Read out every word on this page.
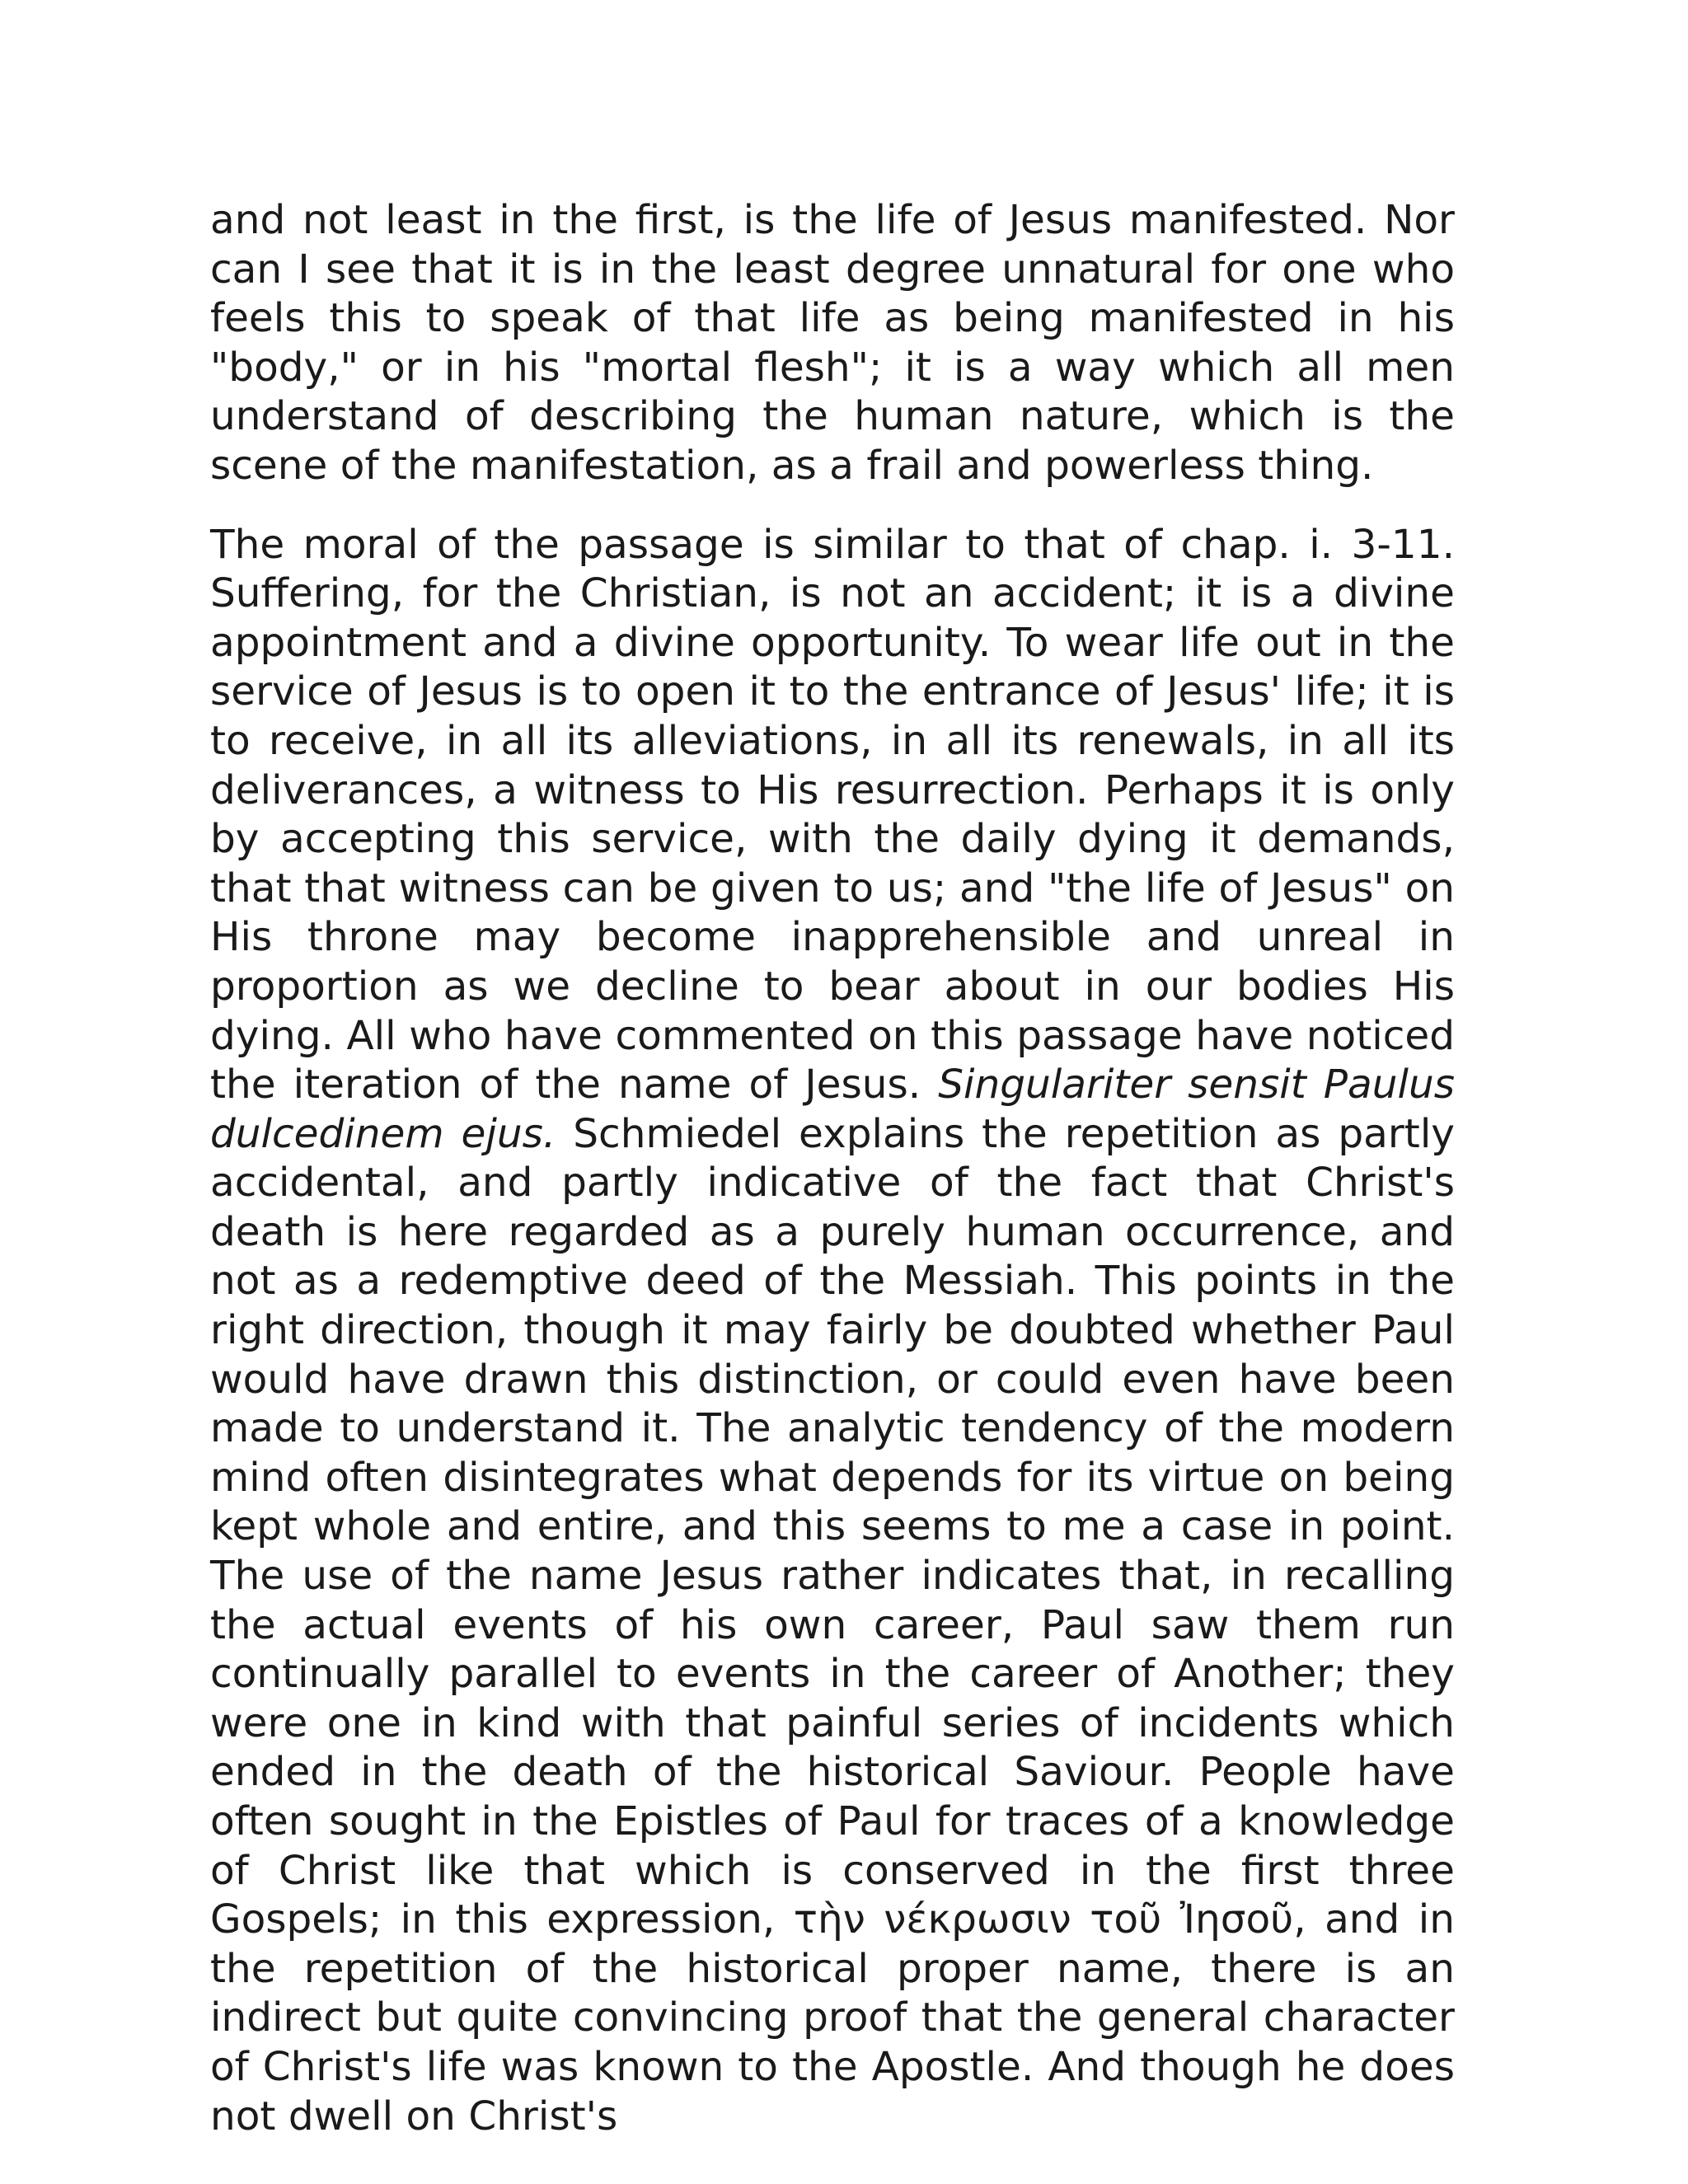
and not least in the first, is the life of Jesus manifested. Nor can I see that it is in the least degree unnatural for one who feels this to speak of that life as being manifested in his "body," or in his "mortal flesh"; it is a way which all men understand of describing the human nature, which is the scene of the manifestation, as a frail and powerless thing.

The moral of the passage is similar to that of chap. i. 3-11. Suffering, for the Christian, is not an accident; it is a divine appointment and a divine opportunity. To wear life out in the service of Jesus is to open it to the entrance of Jesus' life; it is to receive, in all its alleviations, in all its renewals, in all its deliverances, a witness to His resurrection. Perhaps it is only by accepting this service, with the daily dying it demands, that that witness can be given to us; and "the life of Jesus" on His throne may become inapprehensible and unreal in proportion as we decline to bear about in our bodies His dying. All who have commented on this passage have noticed the iteration of the name of Jesus. Singulariter sensit Paulus dulcedinem ejus. Schmiedel explains the repetition as partly accidental, and partly indicative of the fact that Christ's death is here regarded as a purely human occurrence, and not as a redemptive deed of the Messiah. This points in the right direction, though it may fairly be doubted whether Paul would have drawn this distinction, or could even have been made to understand it. The analytic tendency of the modern mind often disintegrates what depends for its virtue on being kept whole and entire, and this seems to me a case in point. The use of the name Jesus rather indicates that, in recalling the actual events of his own career, Paul saw them run continually parallel to events in the career of Another; they were one in kind with that painful series of incidents which ended in the death of the historical Saviour. People have often sought in the Epistles of Paul for traces of a knowledge of Christ like that which is conserved in the first three Gospels; in this expression, τὴν νέκρωσιν τοῦ Ἰησοῦ, and in the repetition of the historical proper name, there is an indirect but quite convincing proof that the general character of Christ's life was known to the Apostle. And though he does not dwell on Christ's
